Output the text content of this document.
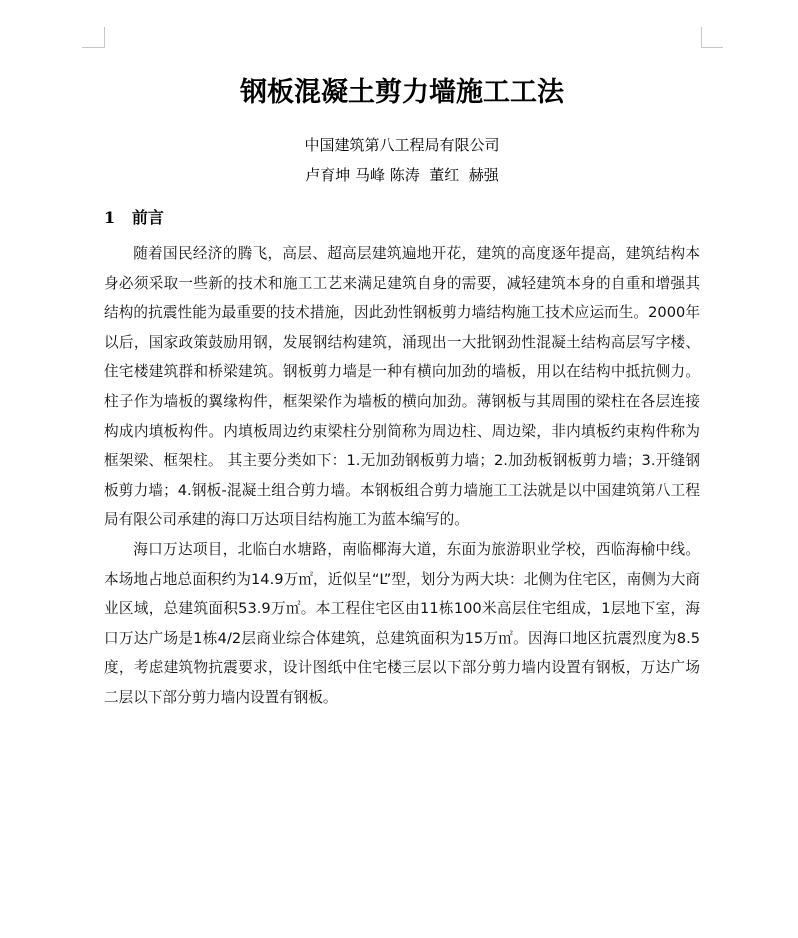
钢板混凝土剪力墙施工工法
中国建筑第八工程局有限公司
卢育坤 马峰 陈涛  董红  赫强
1   前言

随着国民经济的腾飞，高层、超高层建筑遍地开花，建筑的高度逐年提高，建筑结构本身必须采取一些新的技术和施工工艺来满足建筑自身的需要，减轻建筑本身的自重和增强其结构的抗震性能为最重要的技术措施，因此劲性钢板剪力墙结构施工技术应运而生。2000年以后，国家政策鼓励用钢，发展钢结构建筑，涌现出一大批钢劲性混凝土结构高层写字楼、住宅楼建筑群和桥梁建筑。钢板剪力墙是一种有横向加劲的墙板，用以在结构中抵抗侧力。柱子作为墙板的翼缘构件，框架梁作为墙板的横向加劲。薄钢板与其周围的梁柱在各层连接构成内填板构件。内填板周边约束梁柱分别简称为周边柱、周边梁，非内填板约束构件称为框架梁、框架柱。 其主要分类如下：1.无加劲钢板剪力墙；2.加劲板钢板剪力墙；3.开缝钢板剪力墙；4.钢板-混凝土组合剪力墙。本钢板组合剪力墙施工工法就是以中国建筑第八工程局有限公司承建的海口万达项目结构施工为蓝本编写的。

海口万达项目，北临白水塘路，南临椰海大道，东面为旅游职业学校，西临海榆中线。本场地占地总面积约为14.9万㎡，近似呈“L”型，划分为两大块：北侧为住宅区，南侧为大商业区域，总建筑面积53.9万㎡。本工程住宅区由11栋100米高层住宅组成，1层地下室，海口万达广场是1栋4/2层商业综合体建筑，总建筑面积为15万㎡。因海口地区抗震烈度为8.5度，考虑建筑物抗震要求，设计图纸中住宅楼三层以下部分剪力墙内设置有钢板，万达广场二层以下部分剪力墙内设置有钢板。
